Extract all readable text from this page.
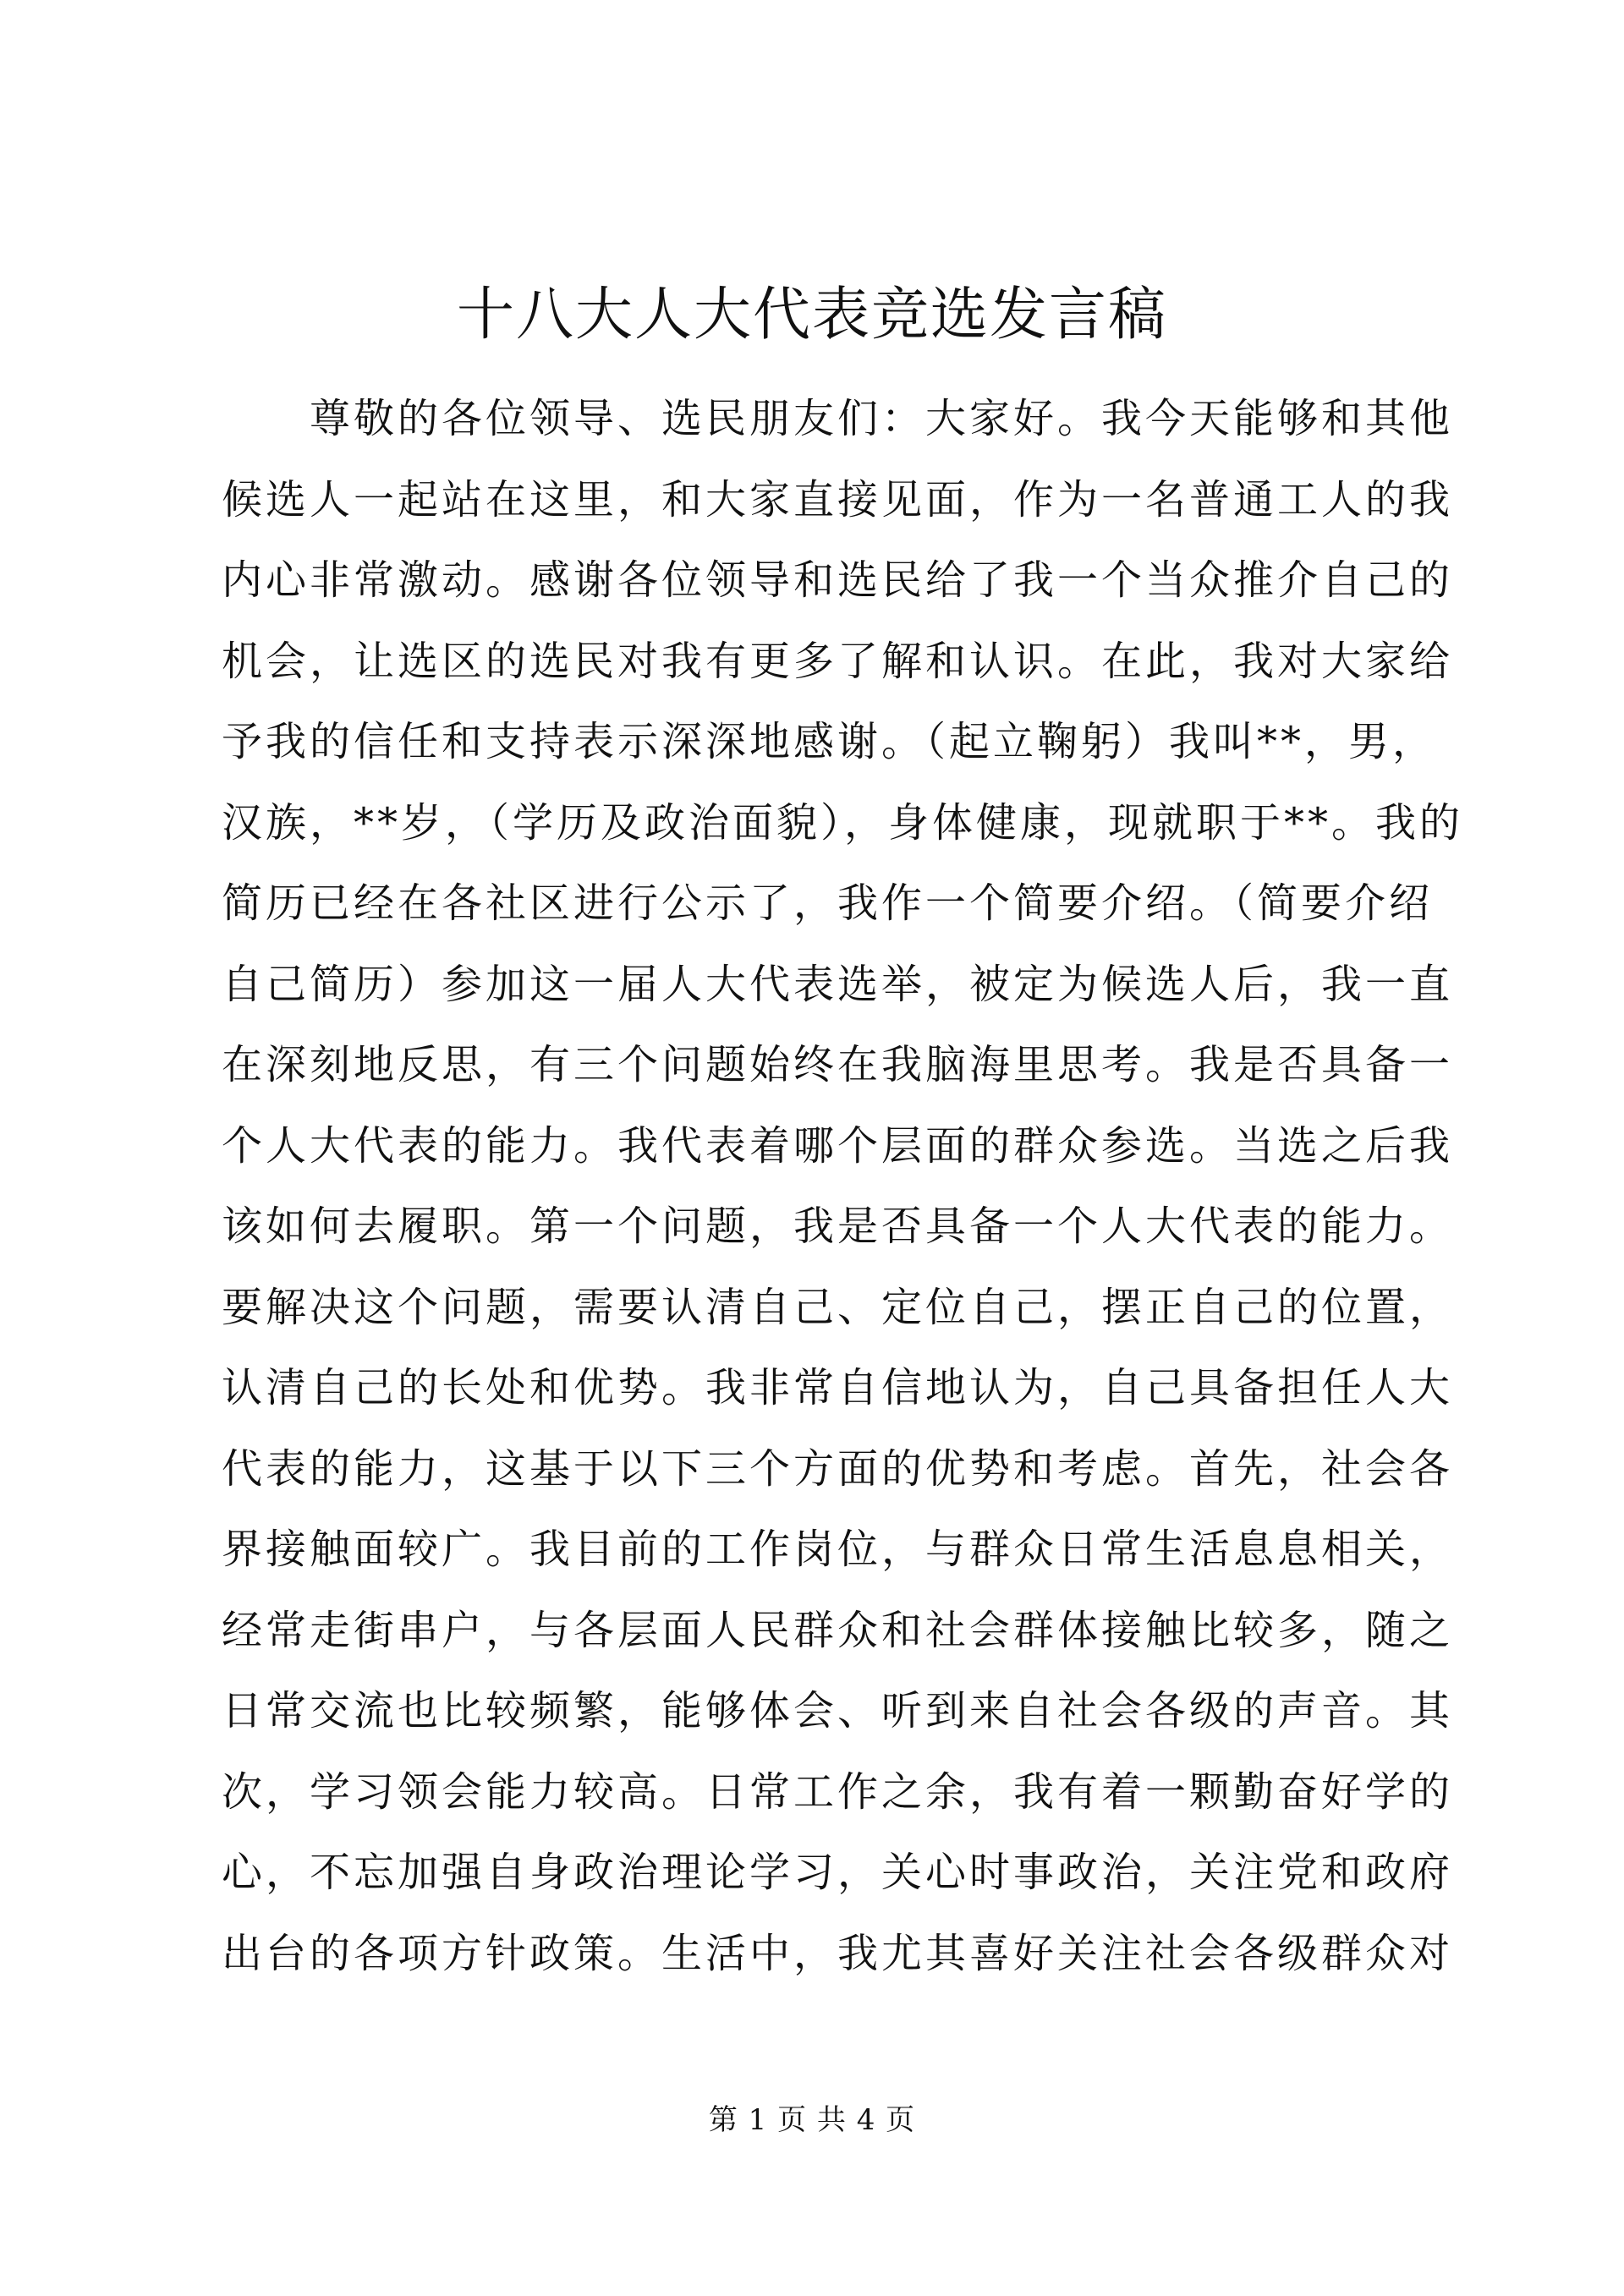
十八大人大代表竞选发言稿
　　尊敬的各位领导、选民朋友们：大家好。我今天能够和其他
候选人一起站在这里，和大家直接见面，作为一名普通工人的我
内心非常激动。感谢各位领导和选民给了我一个当众推介自己的
机会，让选区的选民对我有更多了解和认识。在此，我对大家给
予我的信任和支持表示深深地感谢。（起立鞠躬）我叫**，男，
汉族，**岁，（学历及政治面貌），身体健康，现就职于**。我的
简历已经在各社区进行公示了，我作一个简要介绍。（简要介绍
自己简历）参加这一届人大代表选举，被定为候选人后，我一直
在深刻地反思，有三个问题始终在我脑海里思考。我是否具备一
个人大代表的能力。我代表着哪个层面的群众参选。当选之后我
该如何去履职。第一个问题，我是否具备一个人大代表的能力。
要解决这个问题，需要认清自己、定位自己，摆正自己的位置，
认清自己的长处和优势。我非常自信地认为，自己具备担任人大
代表的能力，这基于以下三个方面的优势和考虑。首先，社会各
界接触面较广。我目前的工作岗位，与群众日常生活息息相关，
经常走街串户，与各层面人民群众和社会群体接触比较多，随之
日常交流也比较频繁，能够体会、听到来自社会各级的声音。其
次，学习领会能力较高。日常工作之余，我有着一颗勤奋好学的
心，不忘加强自身政治理论学习，关心时事政治，关注党和政府
出台的各项方针政策。生活中，我尤其喜好关注社会各级群众对
第 1 页 共 4 页
